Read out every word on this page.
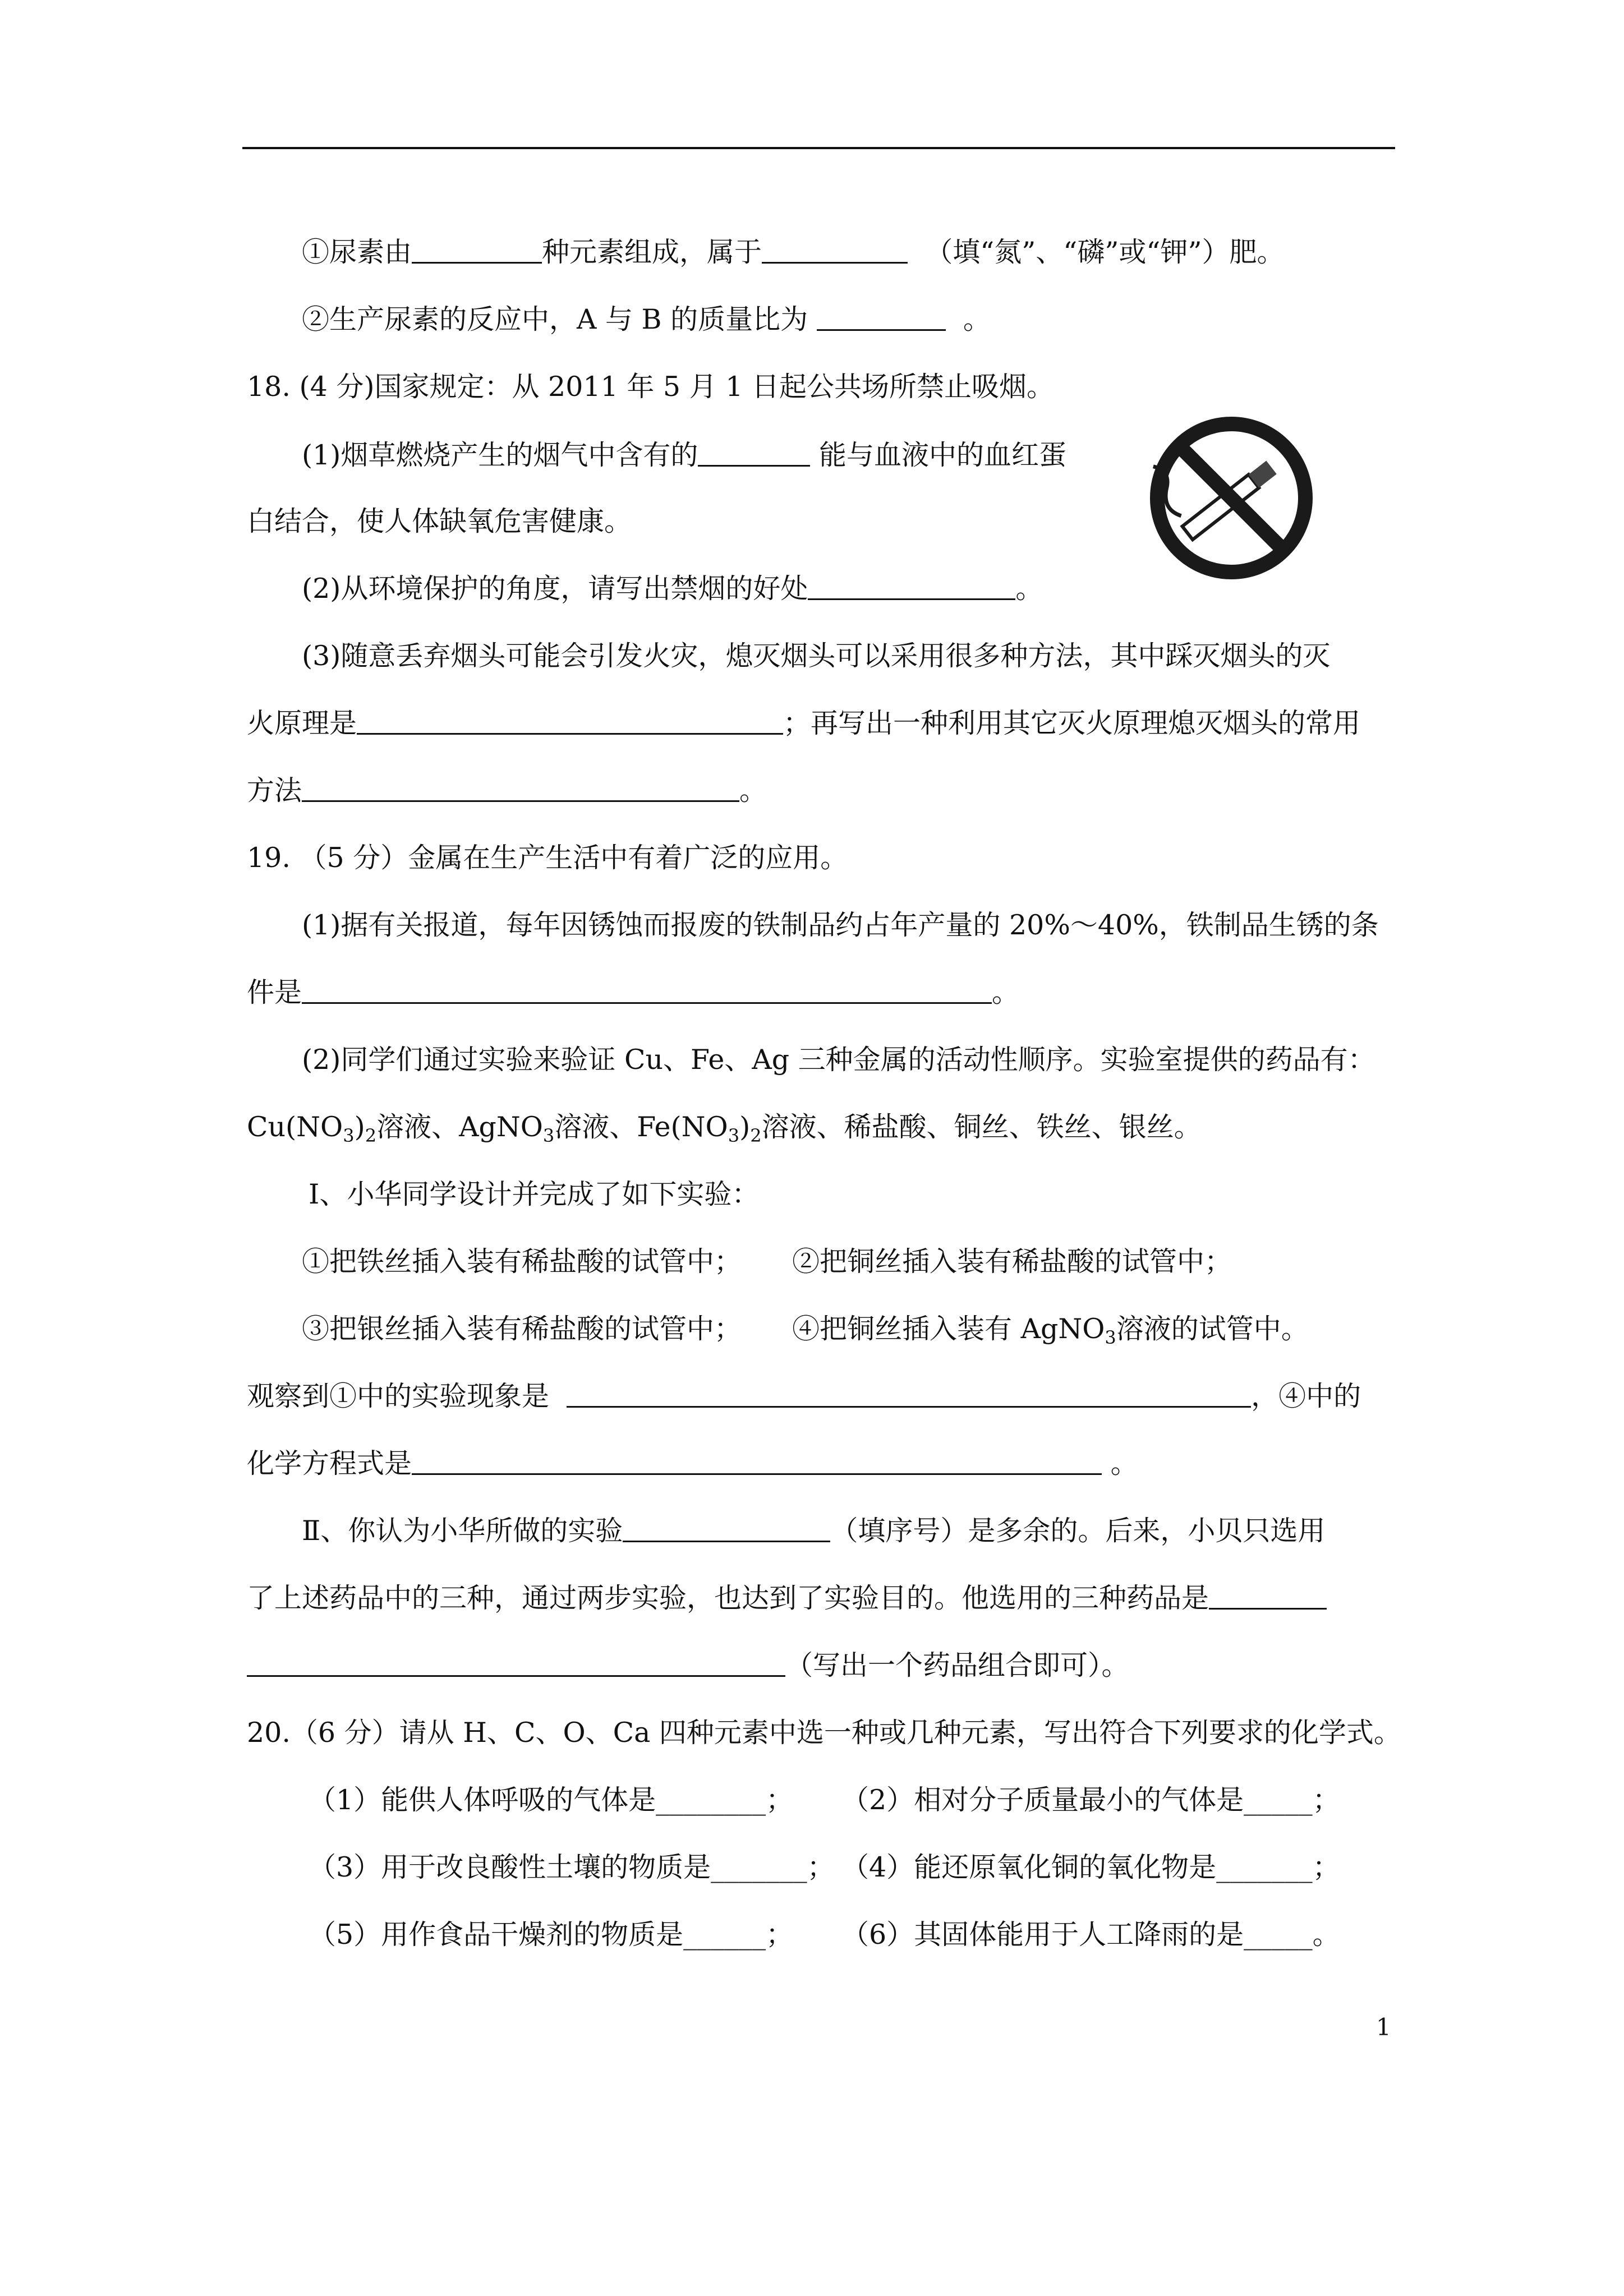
①尿素由	种元素组成，属于	（填“氮”、“磷”或“钾”）肥。
②生产尿素的反应中，A 与 B 的质量比为	。
18. (4 分)国家规定：从 2011 年 5 月 1 日起公共场所禁止吸烟。
(1)烟草燃烧产生的烟气中含有的	能与血液中的血红蛋
白结合，使人体缺氧危害健康。
(2)从环境保护的角度，请写出禁烟的好处	。
(3)随意丢弃烟头可能会引发火灾，熄灭烟头可以采用很多种方法，其中踩灭烟头的灭
火原理是	；再写出一种利用其它灭火原理熄灭烟头的常用
方法	。
19. （5 分）金属在生产生活中有着广泛的应用。
(1)据有关报道，每年因锈蚀而报废的铁制品约占年产量的 20%～40%，铁制品生锈的条
件是	。
(2)同学们通过实验来验证 Cu、Fe、Ag 三种金属的活动性顺序。实验室提供的药品有：
$Cu(NO_3)_2$溶液、AgNO$_3$溶液、$Fe(NO_3)_2$溶液、稀盐酸、铜丝、铁丝、银丝。
Ⅰ、小华同学设计并完成了如下实验：
①把铁丝插入装有稀盐酸的试管中； ②把铜丝插入装有稀盐酸的试管中；
③把银丝插入装有稀盐酸的试管中； ④把铜丝插入装有 AgNO$_3$溶液的试管中。
观察到①中的实验现象是	，④中的
化学方程式是	。
Ⅱ、你认为小华所做的实验	（填序号）是多余的。后来，小贝只选用
了上述药品中的三种，通过两步实验，也达到了实验目的。他选用的三种药品是
（写出一个药品组合即可）。
20.（6 分）请从 H、C、O、Ca 四种元素中选一种或几种元素，写出符合下列要求的化学式。
（1）能供人体呼吸的气体是________； （2）相对分子质量最小的气体是_____；
（3）用于改良酸性土壤的物质是_______； （4）能还原氧化铜的氧化物是_______；
（5）用作食品干燥剂的物质是______； （6）其固体能用于人工降雨的是_____。
1
